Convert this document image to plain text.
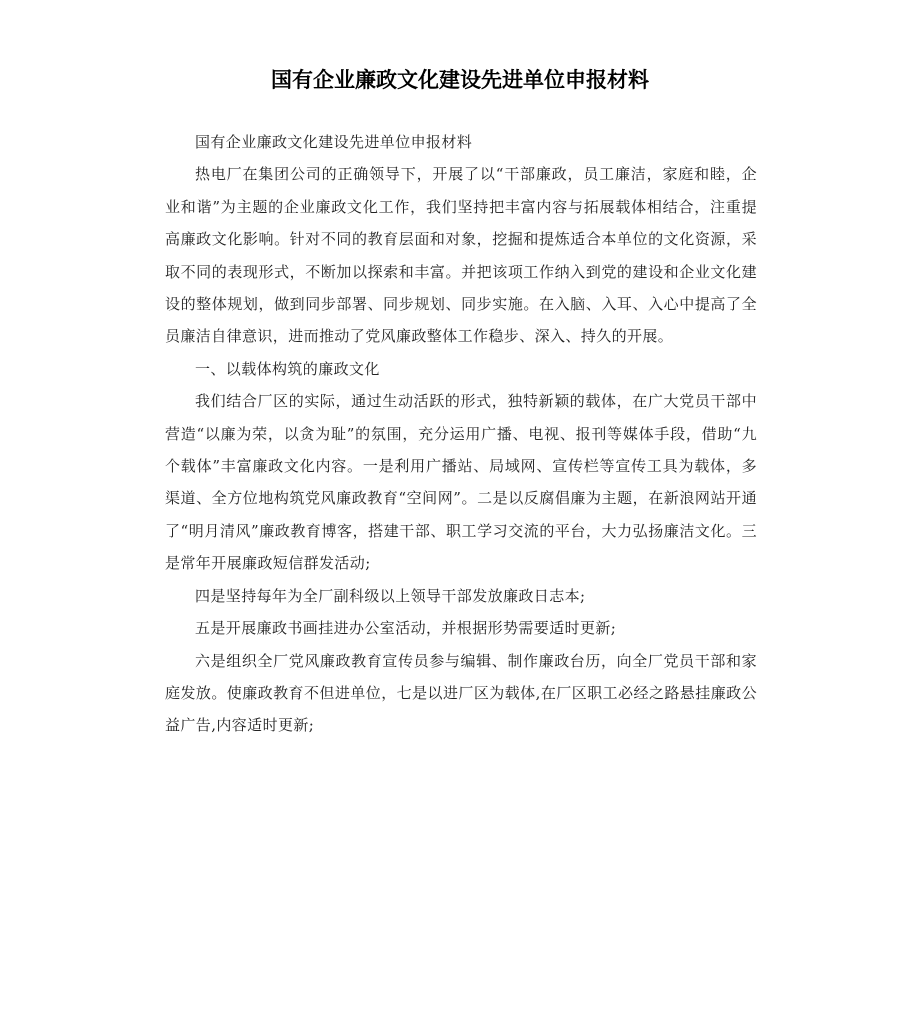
国有企业廉政文化建设先进单位申报材料

国有企业廉政文化建设先进单位申报材料

热电厂在集团公司的正确领导下，开展了以“干部廉政，员工廉洁，家庭和睦，企业和谐”为主题的企业廉政文化工作，我们坚持把丰富内容与拓展载体相结合，注重提高廉政文化影响。针对不同的教育层面和对象，挖掘和提炼适合本单位的文化资源，采取不同的表现形式，不断加以探索和丰富。并把该项工作纳入到党的建设和企业文化建设的整体规划，做到同步部署、同步规划、同步实施。在入脑、入耳、入心中提高了全员廉洁自律意识，进而推动了党风廉政整体工作稳步、深入、持久的开展。

一、以载体构筑的廉政文化

我们结合厂区的实际，通过生动活跃的形式，独特新颖的载体，在广大党员干部中营造“以廉为荣，以贪为耻”的氛围，充分运用广播、电视、报刊等媒体手段，借助“九个载体”丰富廉政文化内容。一是利用广播站、局域网、宣传栏等宣传工具为载体，多渠道、全方位地构筑党风廉政教育“空间网”。二是以反腐倡廉为主题，在新浪网站开通了“明月清风”廉政教育博客，搭建干部、职工学习交流的平台，大力弘扬廉洁文化。三是常年开展廉政短信群发活动;

四是坚持每年为全厂副科级以上领导干部发放廉政日志本;

五是开展廉政书画挂进办公室活动，并根据形势需要适时更新;

六是组织全厂党风廉政教育宣传员参与编辑、制作廉政台历，向全厂党员干部和家庭发放。使廉政教育不但进单位，七是以进厂区为载体,在厂区职工必经之路悬挂廉政公益广告,内容适时更新;
